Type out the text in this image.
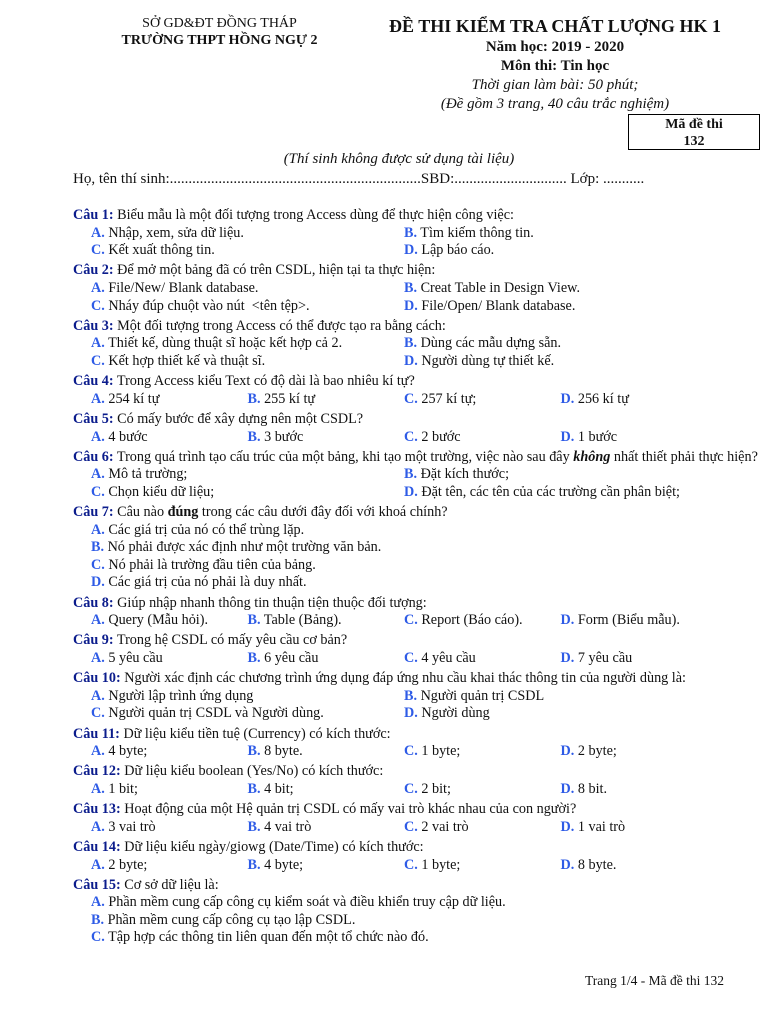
SỞ GD&ĐT ĐỒNG THÁP
TRƯỜNG THPT HỒNG NGỰ 2
ĐỀ THI KIỂM TRA CHẤT LƯỢNG HK 1
Năm học: 2019 - 2020
Môn thi: Tin học
Thời gian làm bài: 50 phút;
(Đề gồm 3 trang, 40 câu trắc nghiệm)
Mã đề thi
132
(Thí sinh không được sử dụng tài liệu)
Họ, tên thí sinh:...................................................................SBD:.............................. Lớp: ...........
Câu 1: Biểu mẫu là một đối tượng trong Access dùng để thực hiện công việc:
A. Nhập, xem, sửa dữ liệu.	B. Tìm kiếm thông tin.
C. Kết xuất thông tin.	D. Lập báo cáo.
Câu 2: Để mở một bảng đã có trên CSDL, hiện tại ta thực hiện:
A. File/New/ Blank database.	B. Creat Table in Design View.
C. Nháy đúp chuột vào nút  <tên tệp>.	D. File/Open/ Blank database.
Câu 3: Một đối tượng trong Access có thể được tạo ra bằng cách:
A. Thiết kế, dùng thuật sĩ hoặc kết hợp cả 2.	B. Dùng các mẫu dựng sẵn.
C. Kết hợp thiết kế và thuật sĩ.	D. Người dùng tự thiết kế.
Câu 4: Trong Access kiểu Text có độ dài là bao nhiêu kí tự?
A. 254 kí tự	B. 255 kí tự	C. 257 kí tự;	D. 256 kí tự
Câu 5: Có mấy bước để xây dựng nên một CSDL?
A. 4 bước	B. 3 bước	C. 2 bước	D. 1 bước
Câu 6: Trong quá trình tạo cấu trúc của một bảng, khi tạo một trường, việc nào sau đây không nhất thiết phải thực hiện?
A. Mô tả trường;	B. Đặt kích thước;
C. Chọn kiểu dữ liệu;	D. Đặt tên, các tên của các trường cần phân biệt;
Câu 7: Câu nào đúng trong các câu dưới đây đối với khoá chính?
A. Các giá trị của nó có thể trùng lặp.
B. Nó phải được xác định như một trường văn bản.
C. Nó phải là trường đầu tiên của bảng.
D. Các giá trị của nó phải là duy nhất.
Câu 8: Giúp nhập nhanh thông tin thuận tiện thuộc đối tượng:
A. Query (Mẫu hỏi).	B. Table (Bảng).	C. Report (Báo cáo).	D. Form (Biểu mẫu).
Câu 9: Trong hệ CSDL có mấy yêu cầu cơ bản?
A. 5 yêu cầu	B. 6 yêu cầu	C. 4 yêu cầu	D. 7 yêu cầu
Câu 10: Người xác định các chương trình ứng dụng đáp ứng nhu cầu khai thác thông tin của người dùng là:
A. Người lập trình ứng dụng	B. Người quản trị CSDL
C. Người quản trị CSDL và Người dùng.	D. Người dùng
Câu 11: Dữ liệu kiểu tiền tuệ (Currency) có kích thước:
A. 4 byte;	B. 8 byte.	C. 1 byte;	D. 2 byte;
Câu 12: Dữ liệu kiểu boolean (Yes/No) có kích thước:
A. 1 bit;	B. 4 bit;	C. 2 bit;	D. 8 bit.
Câu 13: Hoạt động của một Hệ quản trị CSDL có mấy vai trò khác nhau của con người?
A. 3 vai trò	B. 4 vai trò	C. 2 vai trò	D. 1 vai trò
Câu 14: Dữ liệu kiểu ngày/giowg (Date/Time) có kích thước:
A. 2 byte;	B. 4 byte;	C. 1 byte;	D. 8 byte.
Câu 15: Cơ sở dữ liệu là:
A. Phần mềm cung cấp công cụ kiểm soát và điều khiển truy cập dữ liệu.
B. Phần mềm cung cấp công cụ tạo lập CSDL.
C. Tập hợp các thông tin liên quan đến một tổ chức nào đó.
Trang 1/4 - Mã đề thi 132
